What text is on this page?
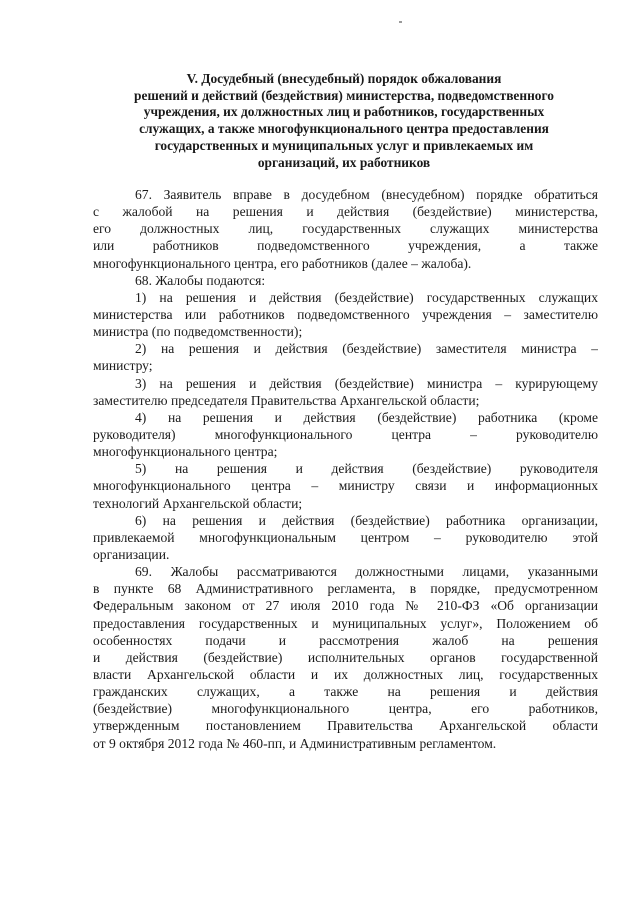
V. Досудебный (внесудебный) порядок обжалования
решений и действий (бездействия) министерства, подведомственного
учреждения, их должностных лиц и работников, государственных
служащих, а также многофункционального центра предоставления
государственных и муниципальных услуг и привлекаемых им
организаций, их работников
67. Заявитель вправе в досудебном (внесудебном) порядке обратиться
с жалобой на решения и действия (бездействие) министерства,
его должностных лиц, государственных служащих министерства
или работников подведомственного учреждения, а также
многофункционального центра, его работников (далее – жалоба).
68. Жалобы подаются:
1) на решения и действия (бездействие) государственных служащих
министерства или работников подведомственного учреждения – заместителю
министра (по подведомственности);
2) на решения и действия (бездействие) заместителя министра –
министру;
3) на решения и действия (бездействие) министра – курирующему
заместителю председателя Правительства Архангельской области;
4) на решения и действия (бездействие) работника (кроме
руководителя) многофункционального центра – руководителю
многофункционального центра;
5) на решения и действия (бездействие) руководителя
многофункционального центра – министру связи и информационных
технологий Архангельской области;
6) на решения и действия (бездействие) работника организации,
привлекаемой многофункциональным центром – руководителю этой
организации.
69. Жалобы рассматриваются должностными лицами, указанными
в пункте 68 Административного регламента, в порядке, предусмотренном
Федеральным законом от 27 июля 2010 года № 210-ФЗ «Об организации
предоставления государственных и муниципальных услуг», Положением об
особенностях подачи и рассмотрения жалоб на решения
и действия (бездействие) исполнительных органов государственной
власти Архангельской области и их должностных лиц, государственных
гражданских служащих, а также на решения и действия
(бездействие) многофункционального центра, его работников,
утвержденным постановлением Правительства Архангельской области
от 9 октября 2012 года № 460-пп, и Административным регламентом.
